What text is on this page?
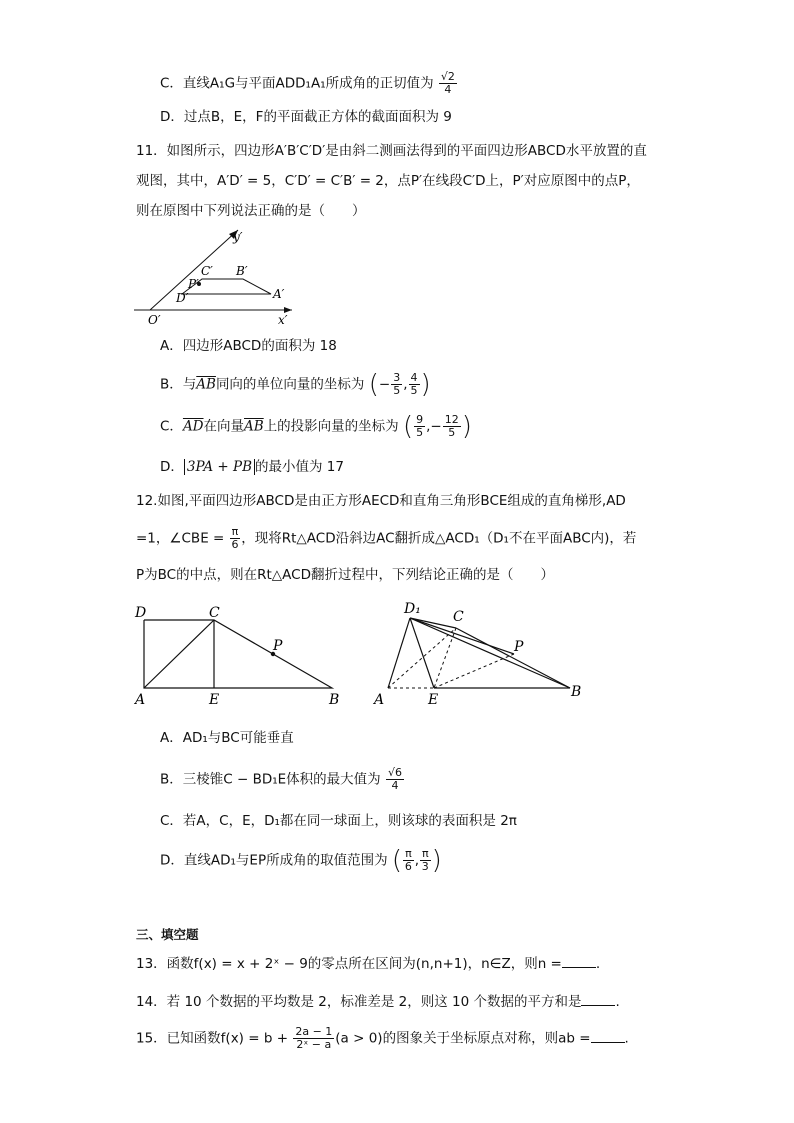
C．直线A₁G与平面ADD₁A₁所成角的正切值为 $\frac{√2}{4}$
D．过点B，E，F的平面截正方体的截面面积为 9
11．如图所示，四边形A′B′C′D′是由斜二测画法得到的平面四边形ABCD水平放置的直
观图，其中，A′D′ = 5，C′D′ = C′B′ = 2，点P′在线段C′D上，P′对应原图中的点P，
则在原图中下列说法正确的是（　　）
y′
x′
O′
C′ B′
P′
D′	A′
A．四边形ABCD的面积为 18
B．与$\overline{AB}$同向的单位向量的坐标为 (− $\frac{3}{5}$ , $\frac{4}{5}$ )
C．$\overline{AD}$在向量$\overline{AB}$上的投影向量的坐标为 ( $\frac{9}{5}$ ,− $\frac{12}{5}$ )
D． 3PA + PB 的最小值为 17
12.如图,平面四边形ABCD是由正方形AECD和直角三角形BCE组成的直角梯形,AD
=1，∠CBE = $\frac{\pi}{6}$ ，现将Rt△ACD沿斜边AC翻折成△ACD₁（D₁不在平面ABC内)，若
P为BC的中点，则在Rt△ACD翻折过程中，下列结论正确的是（　　）
D	C
P
A	E	B
D₁ C
P
A	E	B
A．AD₁与BC可能垂直
B．三棱锥C − BD₁E体积的最大值为 $\frac{√6}{4}$
C．若A，C，E，D₁都在同一球面上，则该球的表面积是 2π
D．直线AD₁与EP所成角的取值范围为 ( $\frac{\pi}{6}$ , $\frac{\pi}{3}$ )
三、填空题
13．函数f(x) = x + 2ˣ − 9的零点所在区间为(n,n+1)，n∈Z，则n =	.
14．若 10 个数据的平均数是 2，标准差是 2，则这 10 个数据的平方和是	.
15．已知函数$f(x) = b + \frac{2a - 1}{\text{2ˣ − a}} (a > 0)$的图象关于坐标原点对称，则ab =	.
